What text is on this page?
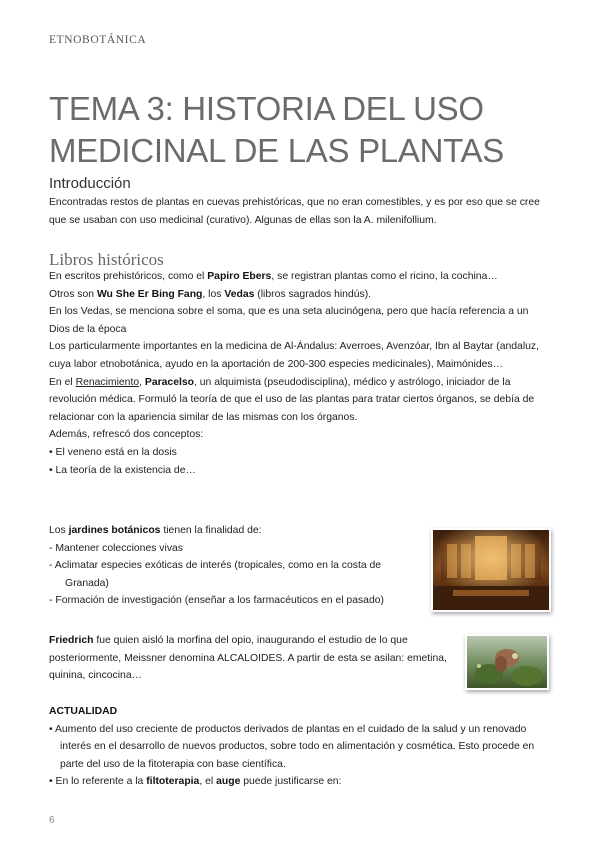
ETNOBOTÁNICA
TEMA 3: HISTORIA DEL USO MEDICINAL DE LAS PLANTAS
Introducción

Encontradas restos de plantas en cuevas prehistóricas, que no eran comestibles, y es por eso que se cree que se usaban con uso medicinal (curativo). Algunas de ellas son la A. milenifollium.

Libros históricos

En escritos prehistóricos, como el Papiro Ebers, se registran plantas como el ricino, la cochina…

Otros son Wu She Er Bing Fang, los Vedas (libros sagrados hindús).

En los Vedas, se menciona sobre el soma, que es una seta alucinógena, pero que hacía referencia a un Dios de la época

Los particularmente importantes en la medicina de Al-Ándalus: Averroes, Avenzóar, Ibn al Baytar (andaluz, cuya labor etnobotánica, ayudo en la aportación de 200-300 especies medicinales), Maimónides…

En el Renacimiento, Paracelso, un alquimista (pseudodisciplina), médico y astrólogo, iniciador de la revolución médica. Formuló la teoría de que el uso de las plantas para tratar ciertos órganos, se debía de relacionar con la apariencia similar de las mismas con los órganos.

Además, refrescó dos conceptos:

• El veneno está en la dosis

• La teoría de la existencia de…

Los jardines botánicos tienen la finalidad de:

- Mantener colecciones vivas

- Aclimatar especies exóticas de interés (tropicales, como en la costa de Granada)

- Formación de investigación (enseñar a los farmacéuticos en el pasado)

Friedrich fue quien aisló la morfina del opio, inaugurando el estudio de lo que posteriormente, Meissner denomina ALCALOIDES. A partir de esta se asilan: emetina, quinina, cincocina…

ACTUALIDAD

• Aumento del uso creciente de productos derivados de plantas en el cuidado de la salud y un renovado interés en el desarrollo de nuevos productos, sobre todo en alimentación y cosmética. Esto procede en parte del uso de la fitoterapia con base científica.

• En lo referente a la filtoterapia, el auge puede justificarse en:

6
